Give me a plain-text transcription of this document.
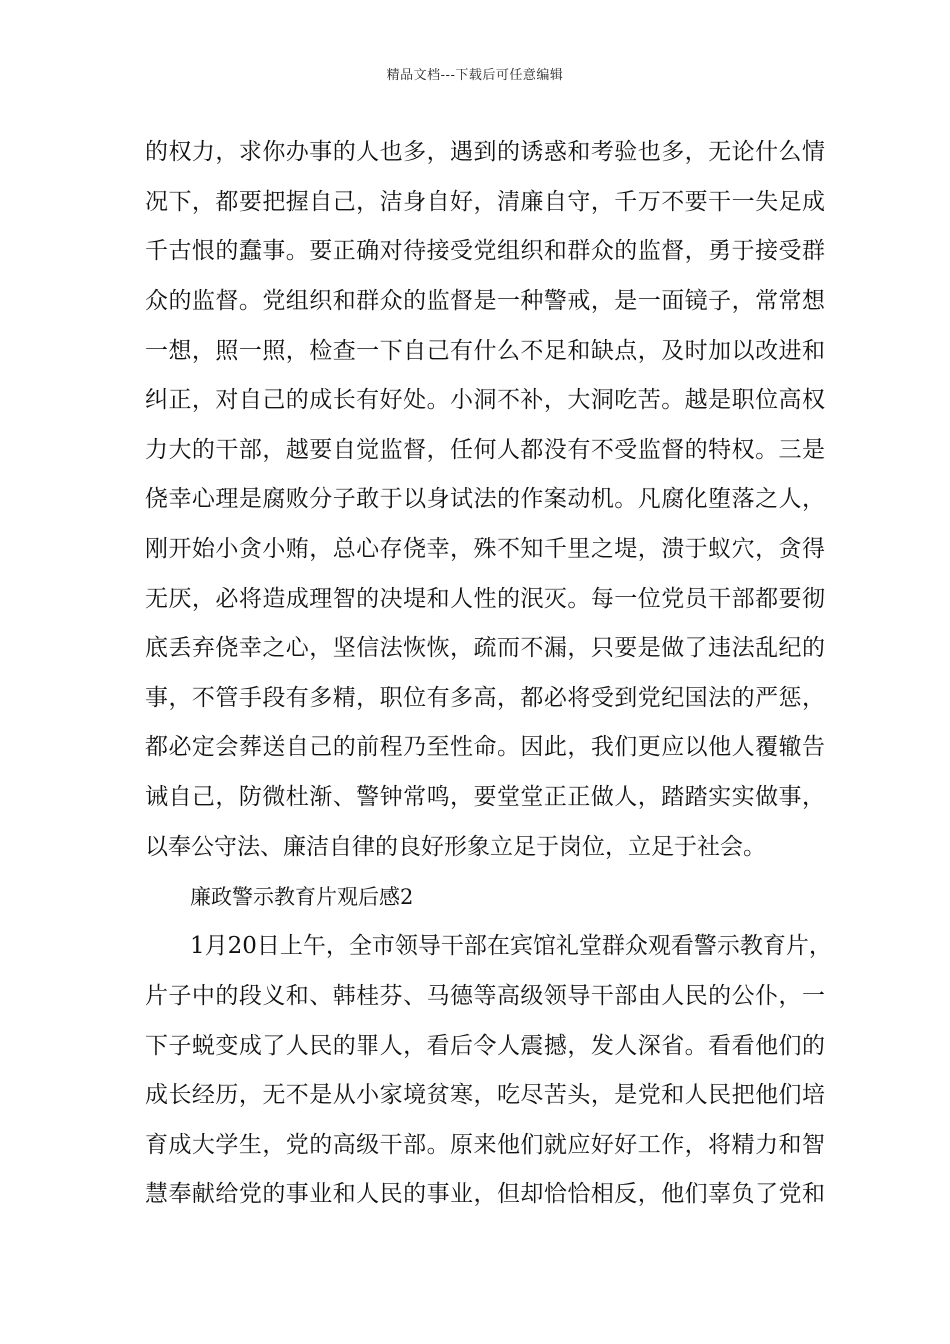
精品文档---下载后可任意编辑
的权力，求你办事的人也多，遇到的诱惑和考验也多，无论什么情
况下，都要把握自己，洁身自好，清廉自守，千万不要干一失足成
千古恨的蠢事。要正确对待接受党组织和群众的监督，勇于接受群
众的监督。党组织和群众的监督是一种警戒，是一面镜子，常常想
一想，照一照，检查一下自己有什么不足和缺点，及时加以改进和
纠正，对自己的成长有好处。小洞不补，大洞吃苦。越是职位高权
力大的干部，越要自觉监督，任何人都没有不受监督的特权。三是
侥幸心理是腐败分子敢于以身试法的作案动机。凡腐化堕落之人，
刚开始小贪小贿，总心存侥幸，殊不知千里之堤，溃于蚁穴，贪得
无厌，必将造成理智的决堤和人性的泯灭。每一位党员干部都要彻
底丢弃侥幸之心，坚信法恢恢，疏而不漏，只要是做了违法乱纪的
事，不管手段有多精，职位有多高，都必将受到党纪国法的严惩，
都必定会葬送自己的前程乃至性命。因此，我们更应以他人覆辙告
诫自己，防微杜渐、警钟常鸣，要堂堂正正做人，踏踏实实做事，
以奉公守法、廉洁自律的良好形象立足于岗位，立足于社会。
廉政警示教育片观后感2
1月20日上午，全市领导干部在宾馆礼堂群众观看警示教育片，
片子中的段义和、韩桂芬、马德等高级领导干部由人民的公仆，一
下子蜕变成了人民的罪人，看后令人震撼，发人深省。看看他们的
成长经历，无不是从小家境贫寒，吃尽苦头，是党和人民把他们培
育成大学生，党的高级干部。原来他们就应好好工作，将精力和智
慧奉献给党的事业和人民的事业，但却恰恰相反，他们辜负了党和
